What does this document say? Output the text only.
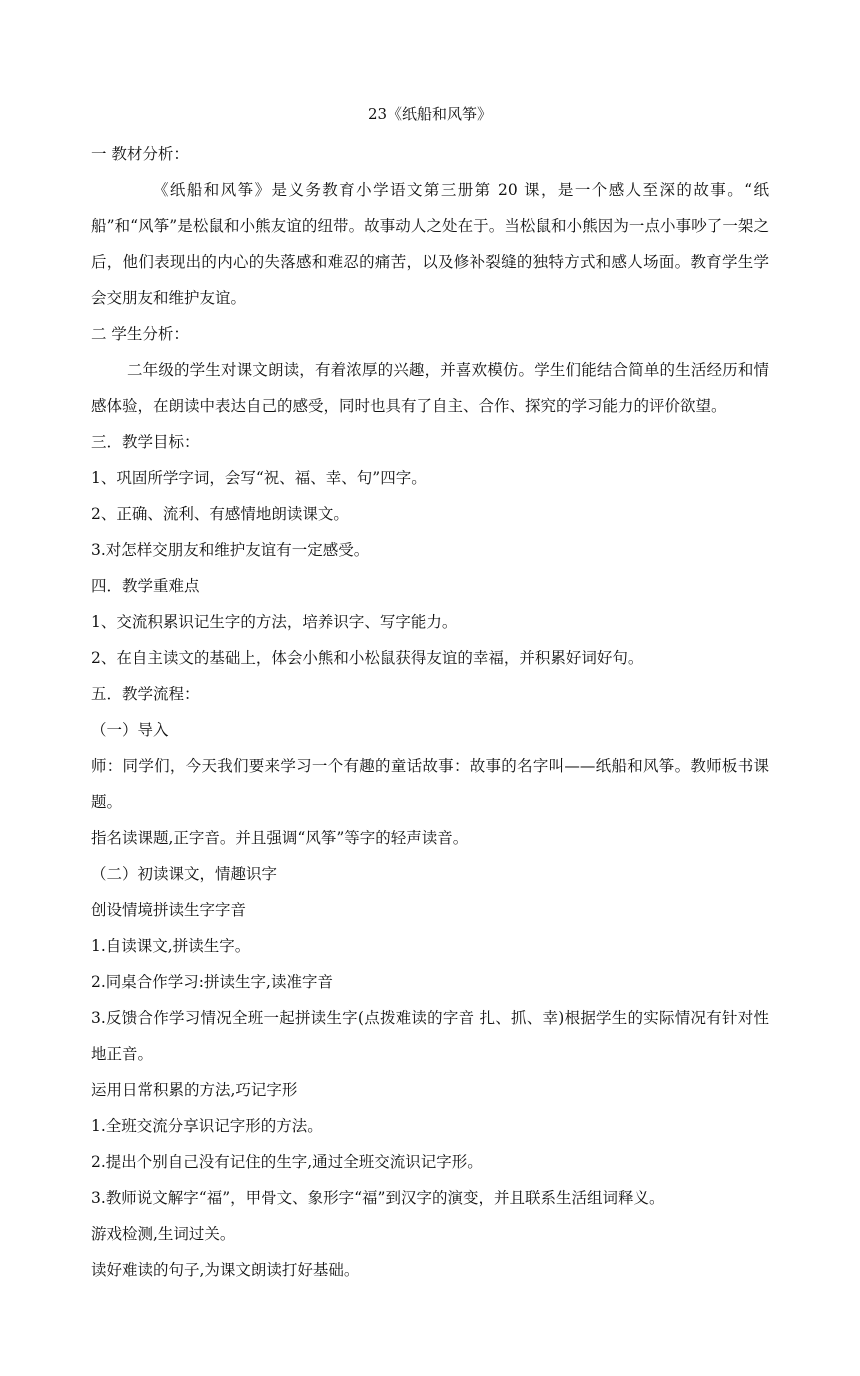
23《纸船和风筝》

一 教材分析：

《纸船和风筝》是义务教育小学语文第三册第 20 课，是一个感人至深的故事。“纸船”和“风筝”是松鼠和小熊友谊的纽带。故事动人之处在于。当松鼠和小熊因为一点小事吵了一架之后，他们表现出的内心的失落感和难忍的痛苦，以及修补裂缝的独特方式和感人场面。教育学生学会交朋友和维护友谊。

二 学生分析：

二年级的学生对课文朗读，有着浓厚的兴趣，并喜欢模仿。学生们能结合简单的生活经历和情感体验，在朗读中表达自己的感受，同时也具有了自主、合作、探究的学习能力的评价欲望。

三．教学目标：

1、巩固所学字词，会写“祝、福、幸、句”四字。

2、正确、流利、有感情地朗读课文。

3.对怎样交朋友和维护友谊有一定感受。

四．教学重难点

1、交流积累识记生字的方法，培养识字、写字能力。

2、在自主读文的基础上，体会小熊和小松鼠获得友谊的幸福，并积累好词好句。

五．教学流程：

（一）导入

师：同学们，今天我们要来学习一个有趣的童话故事：故事的名字叫——纸船和风筝。教师板书课题。

指名读课题,正字音。并且强调“风筝”等字的轻声读音。

（二）初读课文，情趣识字

创设情境拼读生字字音

1.自读课文,拼读生字。

2.同桌合作学习:拼读生字,读准字音

3.反馈合作学习情况全班一起拼读生字(点拨难读的字音 扎、抓、幸)根据学生的实际情况有针对性地正音。

运用日常积累的方法,巧记字形

1.全班交流分享识记字形的方法。

2.提出个别自己没有记住的生字,通过全班交流识记字形。

3.教师说文解字“福”，甲骨文、象形字“福”到汉字的演变，并且联系生活组词释义。

游戏检测,生词过关。

读好难读的句子,为课文朗读打好基础。
